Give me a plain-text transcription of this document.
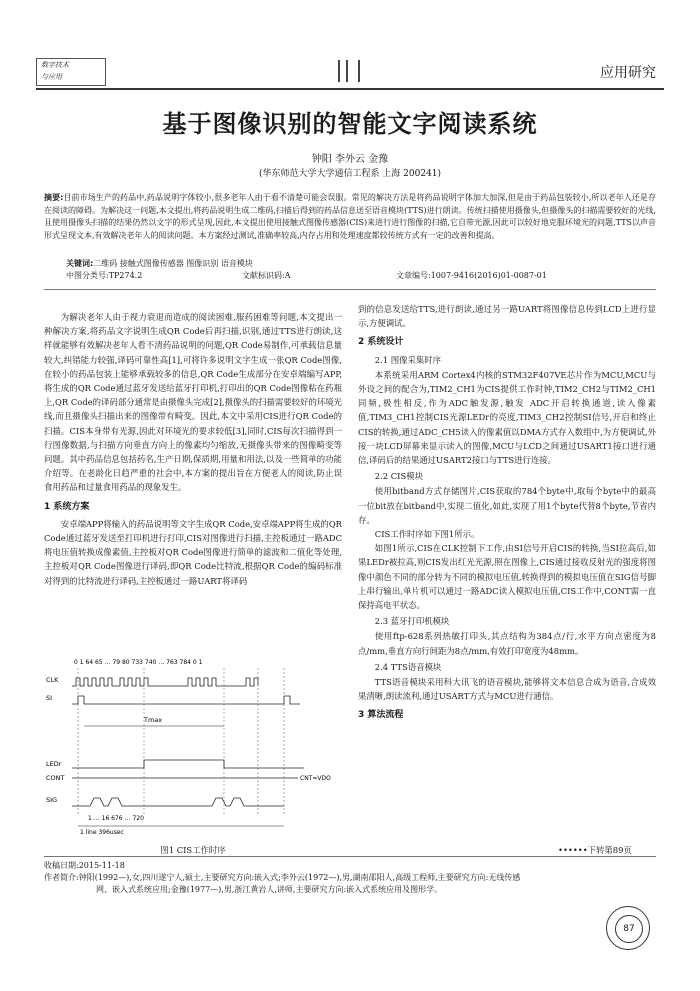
数字技术
与应用	应用研究
基于图像识别的智能文字阅读系统
钟阳 李外云 金豫
(华东师范大学大学通信工程系 上海 200241)
摘要:目前市场生产的药品中,药品说明字体较小,很多老年人由于看不清楚可能会误服。常见的解决方法是将药品说明字体加大加深,但是由于药品包装较小,所以老年人还是存在阅读的障碍。为解决这一问题,本文提出,将药品说明生成二维码,扫描后得到的药品信息送至语音模块(TTS)进行朗读。传统扫描使用摄像头,但摄像头的扫描需要较好的光线,且使用摄像头扫描的结果仍然以文字的形式呈现,因此,本文提出使用接触式图像传感器(CIS)来进行进行图像的扫描,它自带光源,因此可以较好地克服环境光的问题,TTS以声音形式呈现文本,有效解决老年人的阅读问题。本方案经过测试,准确率较高,内存占用和处理速度都较传统方式有一定的改善和提高。
关键词:二维码 接触式图像传感器 图像识别 语音模块
中图分类号:TP274.2	文献标识码:A	文章编号:1007-9416(2016)01-0087-01

为解决老年人由于视力衰退而造成的阅读困难,服药困难等问题,本文提出一种解决方案,将药品文字说明生成QR Code后再扫描,识别,通过TTS进行朗读,这样就能够有效解决老年人看不清药品说明的问题,QR Code易制作,可承载信息量较大,纠错能力较强,译码可靠性高[1],可将许多说明文字生成一张QR Code图像,在较小的药品包装上能够承载较多的信息,QR Code生成部分在安卓端编写APP,将生成的QR Code通过蓝牙发送给蓝牙打印机,打印出的QR Code图像粘在药瓶上,QR Code的译码部分通常是由摄像头完成[2],摄像头的扫描需要较好的环境光线,而且摄像头扫描出来的图像带有畸变。因此,本文中采用CIS进行QR Code的扫描。CIS本身带有光源,因此对环境光的要求较低[3],同时,CIS每次扫描得到一行图像数据,与扫描方向垂直方向上的像素均匀缩放,无摄像头带来的图像畸变等问题。其中药品信息包括药名,生产日期,保质期,用量和用法,以及一些简单的功能介绍等。在老龄化日趋严重的社会中,本方案的提出旨在方便老人的阅读,防止误食用药品和过量食用药品的现象发生。

1 系统方案

安卓端APP将输入的药品说明等文字生成QR Code,安卓端APP将生成的QR Code通过蓝牙发送至打印机进行打印,CIS对图像进行扫描,主控板通过一路ADC将电压值转换成像素值,主控板对QR Code图像进行简单的滤波和二值化等处理,主控板对QR Code图像进行译码,即QR Code比特流,根据QR Code的编码标准对得到的比特流进行译码,主控板通过一路UART将译码

0 1 64 65 … 79 80 733 740 … 763 784 0 1
CLK
SI
LEDr
CONT
SIG
Tmax
CNT=VDO
1 … 16 676 … 720
1 line 396usec
图1 CIS工作时序

到的信息发送给TTS,进行朗读,通过另一路UART将图像信息传到LCD上进行显示,方便调试。

2 系统设计
2.1 图像采集时序

本系统采用ARM Cortex4内核的STM32F407VE芯片作为MCU,MCU与外设之间的配合为,TIM2_CH1为CIS提供工作时钟,TIM2_CH2与TIM2_CH1同频,极性相反,作为ADC触发源,触发 ADC开启转换通道,读入像素值,TIM3_CH1控制CIS光源LEDr的亮度,TIM3_CH2控制SI信号,开启和终止CIS的转换,通过ADC_CH5读入的像素值以DMA方式存入数组中,为方便调试,外接一块LCD屏幕来显示读入的图像,MCU与LCD之间通过USART1接口进行通信,译码后的结果通过USART2接口与TTS进行连接。

2.2 CIS模块

使用bitband方式存储图片,CIS获取的784个byte中,取每个byte中的最高一位bit放在bitband中,实现二值化,如此,实现了用1个byte代替8个byte,节省内存。

CIS工作时序如下图1所示。

如图1所示,CIS在CLK控制下工作,由SI信号开启CIS的转换,当SI拉高后,如果LEDr被拉高,则CIS发出红光光源,照在图像上,CIS通过接收反射光的强度将图像中颜色不同的部分转为不同的模拟电压值,转换得到的模拟电压值在SIG信号脚上串行输出,单片机可以通过一路ADC读入模拟电压值,CIS工作中,CONT需一直保持高电平状态。

2.3 蓝牙打印机模块

使用ftp-628系列热敏打印头,其点结构为384点/行,水平方向点密度为8点/mm,垂直方向行间距为8点/mm,有效打印宽度为48mm。

2.4 TTS语音模块

TTS语音模块采用科大讯飞的语音模块,能够将文本信息合成为语音,合成效果清晰,朗读流利,通过USART方式与MCU进行通信。

3 算法流程
••••••下转第89页
收稿日期:2015-11-18
作者简介:钟阳(1992—),女,四川遂宁人,硕士,主要研究方向:嵌入式;李外云(1972—),男,湖南邵阳人,高级工程师,主要研究方向:无线传感
网、嵌入式系统应用;金豫(1977—),男,浙江黄岩人,讲师,主要研究方向:嵌入式系统应用及图形学。
87
